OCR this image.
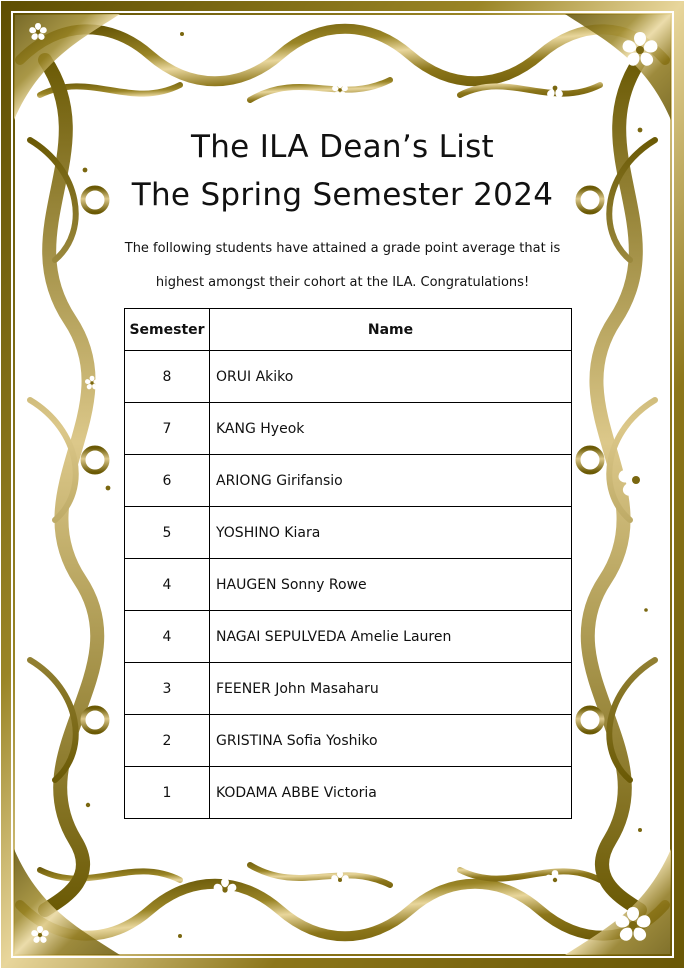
The ILA Dean’s List
The Spring Semester 2024
The following students have attained a grade point average that is
highest amongst their cohort at the ILA. Congratulations!
Semester	Name
8	ORUI Akiko
7	KANG Hyeok
6	ARIONG Girifansio
5	YOSHINO Kiara
4	HAUGEN Sonny Rowe
4	NAGAI SEPULVEDA Amelie Lauren
3	FEENER John Masaharu
2	GRISTINA Sofia Yoshiko
1	KODAMA ABBE Victoria
